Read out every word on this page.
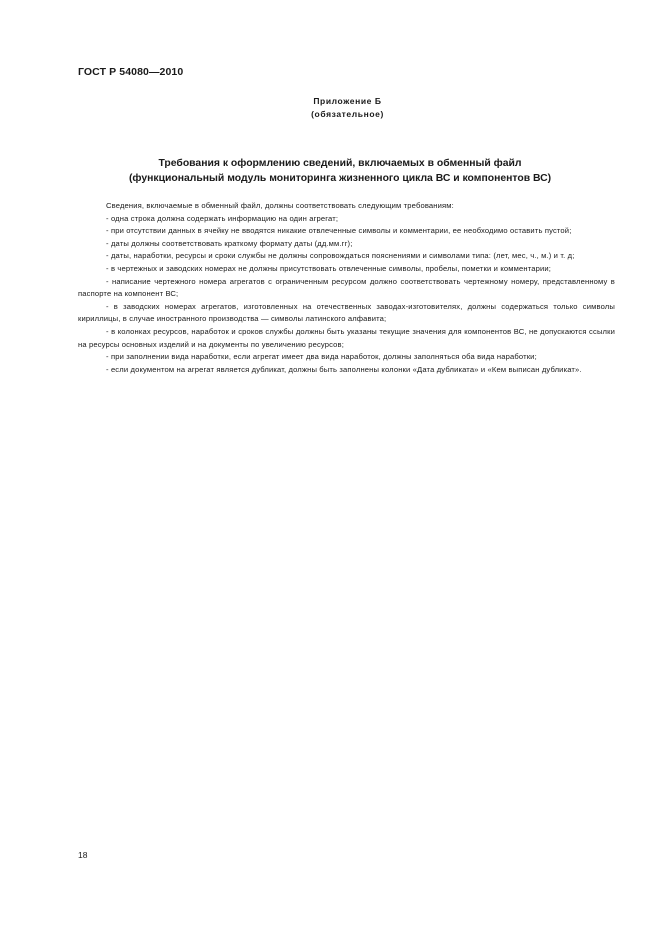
ГОСТ Р 54080—2010
Приложение Б
(обязательное)
Требования к оформлению сведений, включаемых в обменный файл
(функциональный модуль мониторинга жизненного цикла ВС и компонентов ВС)

Сведения, включаемые в обменный файл, должны соответствовать следующим требованиям:

- одна строка должна содержать информацию на один агрегат;

- при отсутствии данных в ячейку не вводятся никакие отвлеченные символы и комментарии, ее необходимо оставить пустой;

- даты должны соответствовать краткому формату даты (дд.мм.гг);

- даты, наработки, ресурсы и сроки службы не должны сопровождаться пояснениями и символами типа: (лет, мес, ч., м.) и т. д;

- в чертежных и заводских номерах не должны присутствовать отвлеченные символы, пробелы, пометки и комментарии;

- написание чертежного номера агрегатов с ограниченным ресурсом должно соответствовать чертежному номеру, представленному в паспорте на компонент ВС;

- в заводских номерах агрегатов, изготовленных на отечественных заводах-изготовителях, должны содержаться только символы кириллицы, в случае иностранного производства — символы латинского алфавита;

- в колонках ресурсов, наработок и сроков службы должны быть указаны текущие значения для компонентов ВС, не допускаются ссылки на ресурсы основных изделий и на документы по увеличению ресурсов;

- при заполнении вида наработки, если агрегат имеет два вида наработок, должны заполняться оба вида наработки;

- если документом на агрегат является дубликат, должны быть заполнены колонки «Дата дубликата» и «Кем выписан дубликат».

18
